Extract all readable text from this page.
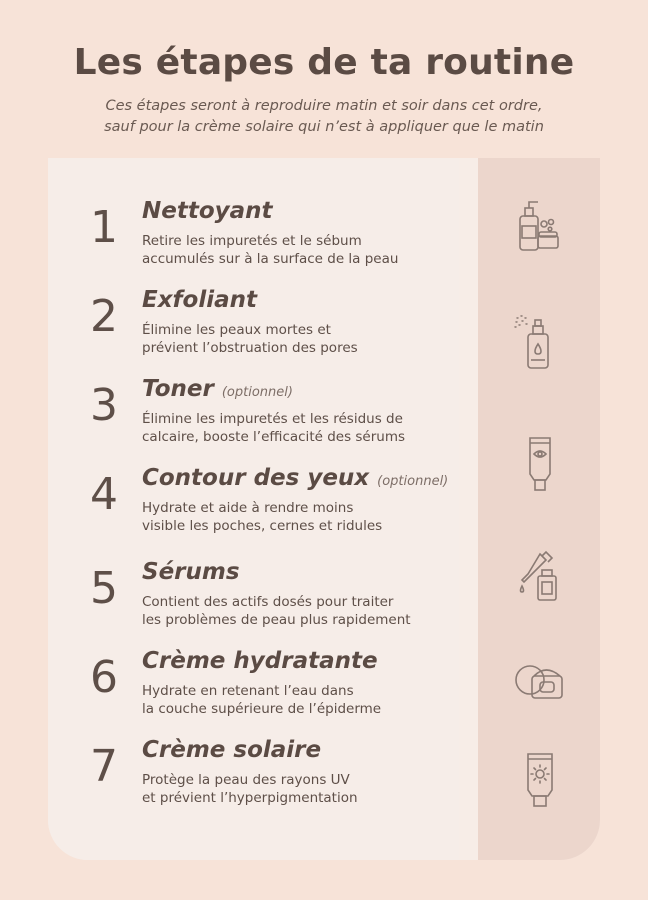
Les étapes de ta routine
Ces étapes seront à reproduire matin et soir dans cet ordre,
sauf pour la crème solaire qui n’est à appliquer que le matin
1	Nettoyant
Retire les impuretés et le sébum
accumulés sur à la surface de la peau
2	Exfoliant
Élimine les peaux mortes et
prévient l’obstruation des pores
3	Toner (optionnel)
Élimine les impuretés et les résidus de
calcaire, booste l’efficacité des sérums
4	Contour des yeux (optionnel)
Hydrate et aide à rendre moins
visible les poches, cernes et ridules
5	Sérums
Contient des actifs dosés pour traiter
les problèmes de peau plus rapidement
6	Crème hydratante
Hydrate en retenant l’eau dans
la couche supérieure de l’épiderme
7	Crème solaire
Protège la peau des rayons UV
et prévient l’hyperpigmentation
